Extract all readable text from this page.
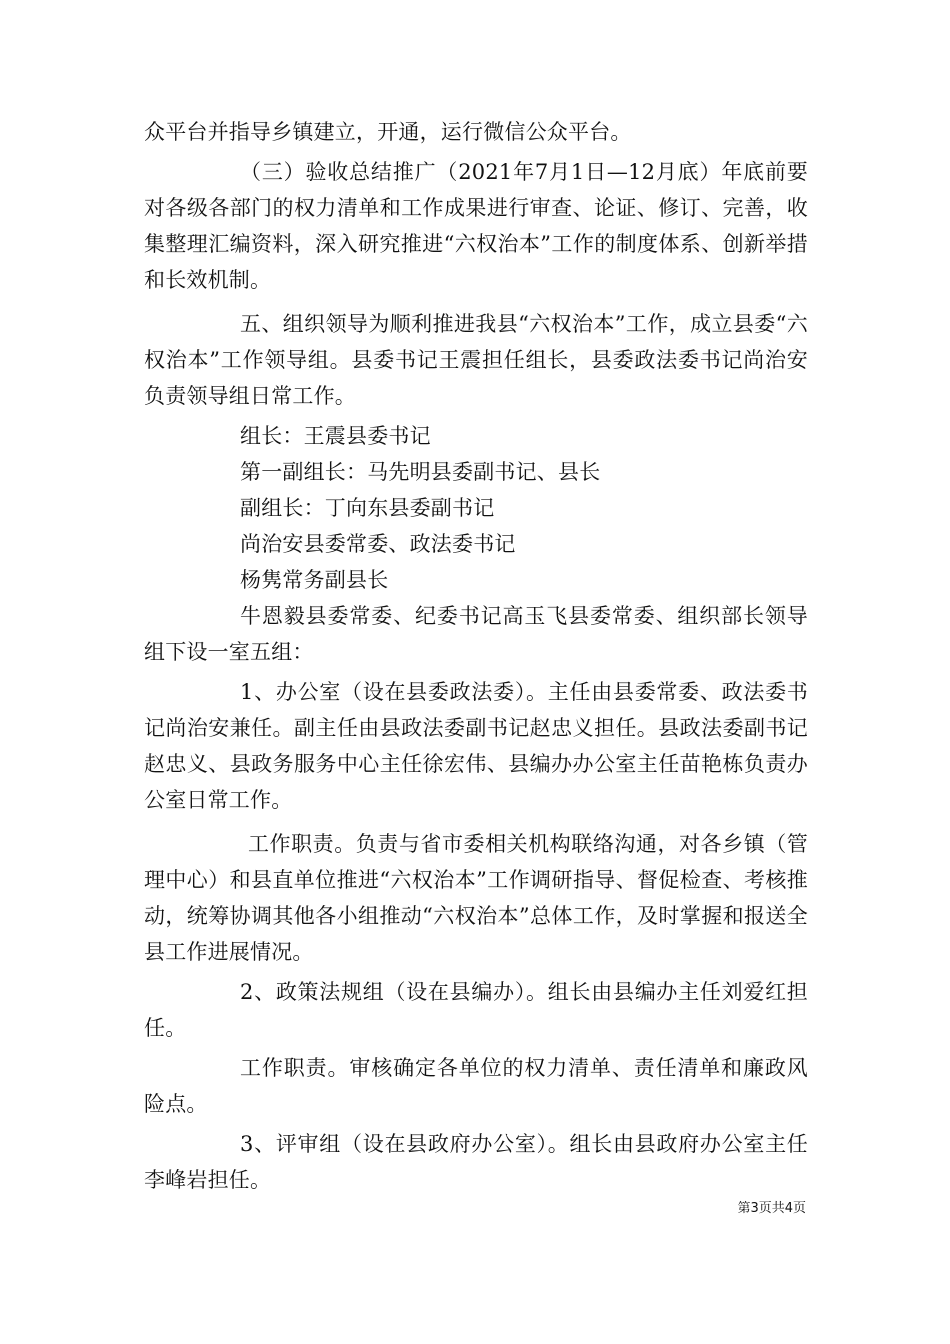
众平台并指导乡镇建立，开通，运行微信公众平台。

（三）验收总结推广（2021年7月1日—12月底）年底前要对各级各部门的权力清单和工作成果进行审查、论证、修订、完善，收集整理汇编资料，深入研究推进“六权治本”工作的制度体系、创新举措和长效机制。

五、组织领导为顺利推进我县“六权治本”工作，成立县委“六权治本”工作领导组。县委书记王震担任组长，县委政法委书记尚治安负责领导组日常工作。

组长：王震县委书记

第一副组长：马先明县委副书记、县长

副组长：丁向东县委副书记

尚治安县委常委、政法委书记

杨隽常务副县长

牛恩毅县委常委、纪委书记高玉飞县委常委、组织部长领导组下设一室五组：

1、办公室（设在县委政法委）。主任由县委常委、政法委书记尚治安兼任。副主任由县政法委副书记赵忠义担任。县政法委副书记赵忠义、县政务服务中心主任徐宏伟、县编办办公室主任苗艳栋负责办公室日常工作。

工作职责。负责与省市委相关机构联络沟通，对各乡镇（管理中心）和县直单位推进“六权治本”工作调研指导、督促检查、考核推动，统筹协调其他各小组推动“六权治本”总体工作，及时掌握和报送全县工作进展情况。

2、政策法规组（设在县编办）。组长由县编办主任刘爱红担任。

工作职责。审核确定各单位的权力清单、责任清单和廉政风险点。

3、评审组（设在县政府办公室）。组长由县政府办公室主任李峰岩担任。

第3页共4页
